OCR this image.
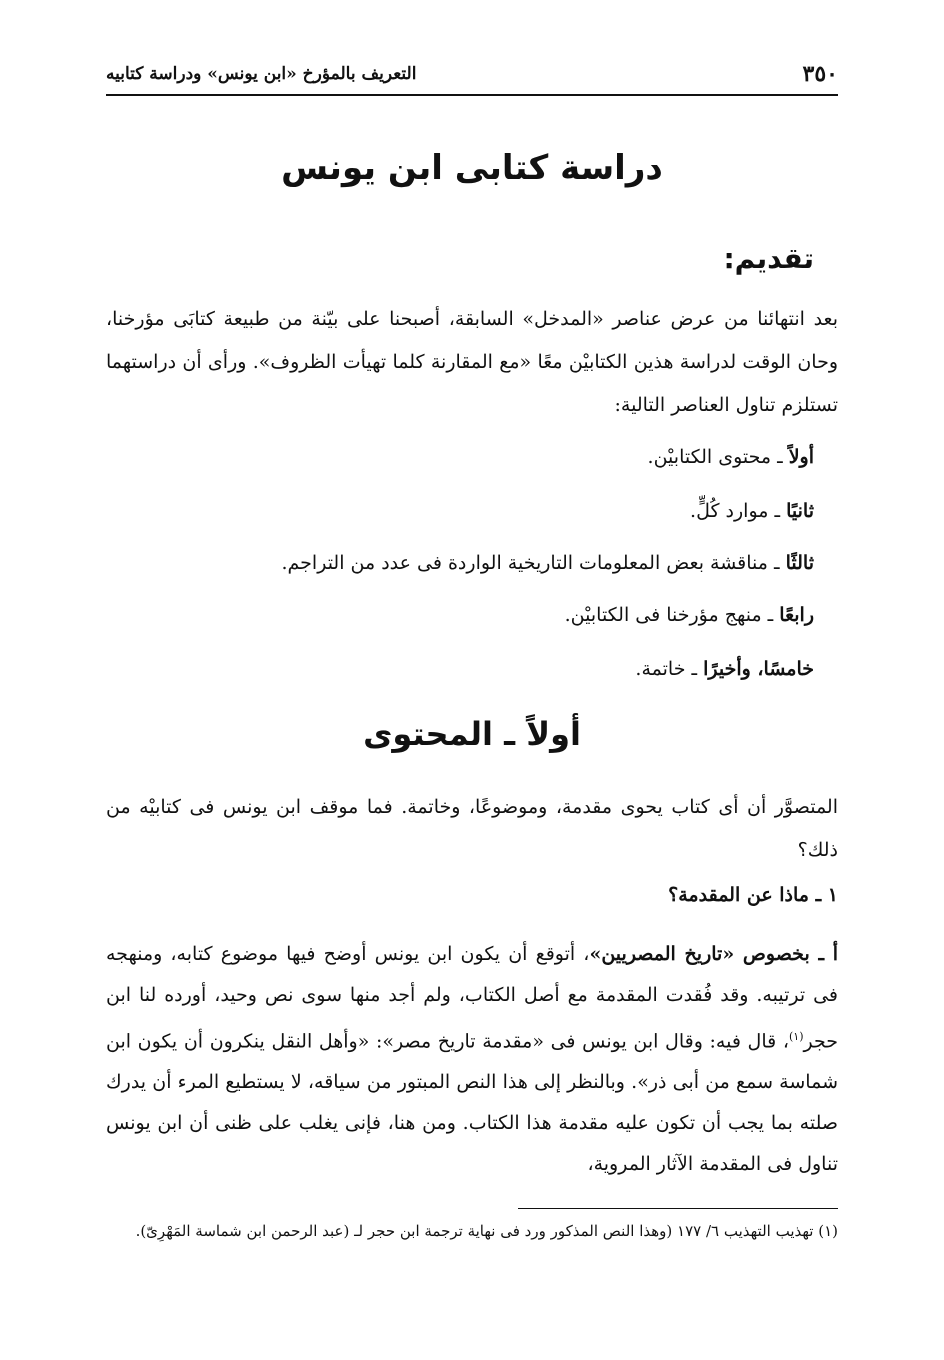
٣٥٠
التعريف بالمؤرخ «ابن يونس» ودراسة كتابيه
دراسة كتابى ابن يونس
تقديم:
بعد انتهائنا من عرض عناصر «المدخل» السابقة، أصبحنا على بيّنة من طبيعة كتابَى مؤرخنا، وحان الوقت لدراسة هذين الكتابيْن معًا «مع المقارنة كلما تهيأت الظروف». ورأى أن دراستهما تستلزم تناول العناصر التالية:
أولاً ـ محتوى الكتابيْن.
ثانيًا ـ موارد كُلٍّ.
ثالثًا ـ مناقشة بعض المعلومات التاريخية الواردة فى عدد من التراجم.
رابعًا ـ منهج مؤرخنا فى الكتابيْن.
خامسًا، وأخيرًا ـ خاتمة.
أولاً ـ المحتوى
المتصوَّر أن أى كتاب يحوى مقدمة، وموضوعًا، وخاتمة. فما موقف ابن يونس فى كتابيْه من ذلك؟
١ ـ ماذا عن المقدمة؟
أ ـ بخصوص «تاريخ المصريين»، أتوقع أن يكون ابن يونس أوضح فيها موضوع كتابه، ومنهجه فى ترتيبه. وقد فُقدت المقدمة مع أصل الكتاب، ولم أجد منها سوى نص وحيد، أورده لنا ابن حجر$^{(١)}$، قال فيه: وقال ابن يونس فى «مقدمة تاريخ مصر»: «وأهل النقل ينكرون أن يكون ابن شماسة سمع من أبى ذر». وبالنظر إلى هذا النص المبتور من سياقه، لا يستطيع المرء أن يدرك صلته بما يجب أن تكون عليه مقدمة هذا الكتاب. ومن هنا، فإنى يغلب على ظنى أن ابن يونس تناول فى المقدمة الآثار المروية،
(١) تهذيب التهذيب ٦/ ١٧٧ (وهذا النص المذكور ورد فى نهاية ترجمة ابن حجر لـ (عبد الرحمن ابن شماسة المَهْرِىّ).
